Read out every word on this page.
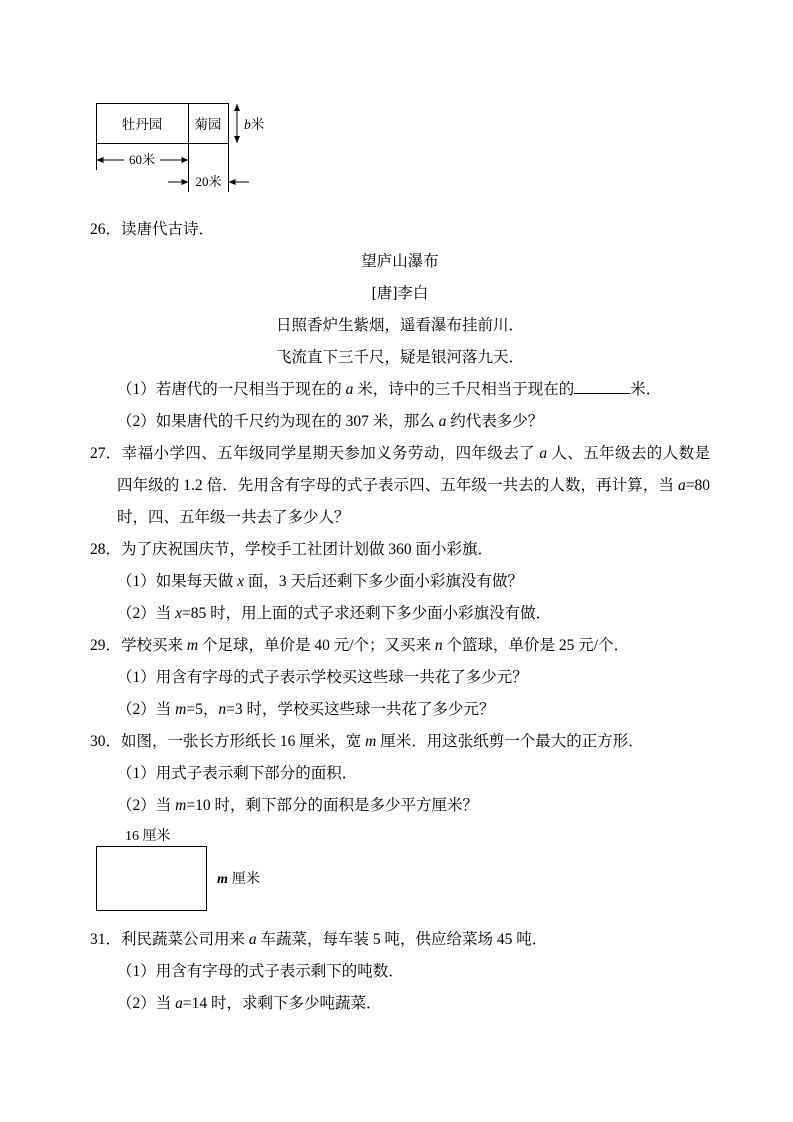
牡丹园 菊园 b米
60米
20米

26．读唐代古诗．

望庐山瀑布

[唐]李白

日照香炉生紫烟，遥看瀑布挂前川．

飞流直下三千尺，疑是银河落九天．

（1）若唐代的一尺相当于现在的 a 米，诗中的三千尺相当于现在的	米．

（2）如果唐代的千尺约为现在的 307 米，那么 a 约代表多少？

27．幸福小学四、五年级同学星期天参加义务劳动，四年级去了 a 人、五年级去的人数是四年级的 1.2 倍．先用含有字母的式子表示四、五年级一共去的人数，再计算，当 a=80 时，四、五年级一共去了多少人？

28．为了庆祝国庆节，学校手工社团计划做 360 面小彩旗．

（1）如果每天做 x 面，3 天后还剩下多少面小彩旗没有做？

（2）当 x=85 时，用上面的式子求还剩下多少面小彩旗没有做．

29．学校买来 m 个足球，单价是 40 元/个；又买来 n 个篮球，单价是 25 元/个．

（1）用含有字母的式子表示学校买这些球一共花了多少元？

（2）当 m=5，n=3 时，学校买这些球一共花了多少元？

30．如图，一张长方形纸长 16 厘米，宽 m 厘米．用这张纸剪一个最大的正方形．

（1）用式子表示剩下部分的面积．

（2）当 m=10 时，剩下部分的面积是多少平方厘米？

16 厘米
m 厘米

31．利民蔬菜公司用来 a 车蔬菜，每车装 5 吨，供应给菜场 45 吨．

（1）用含有字母的式子表示剩下的吨数．

（2）当 a=14 时，求剩下多少吨蔬菜．
